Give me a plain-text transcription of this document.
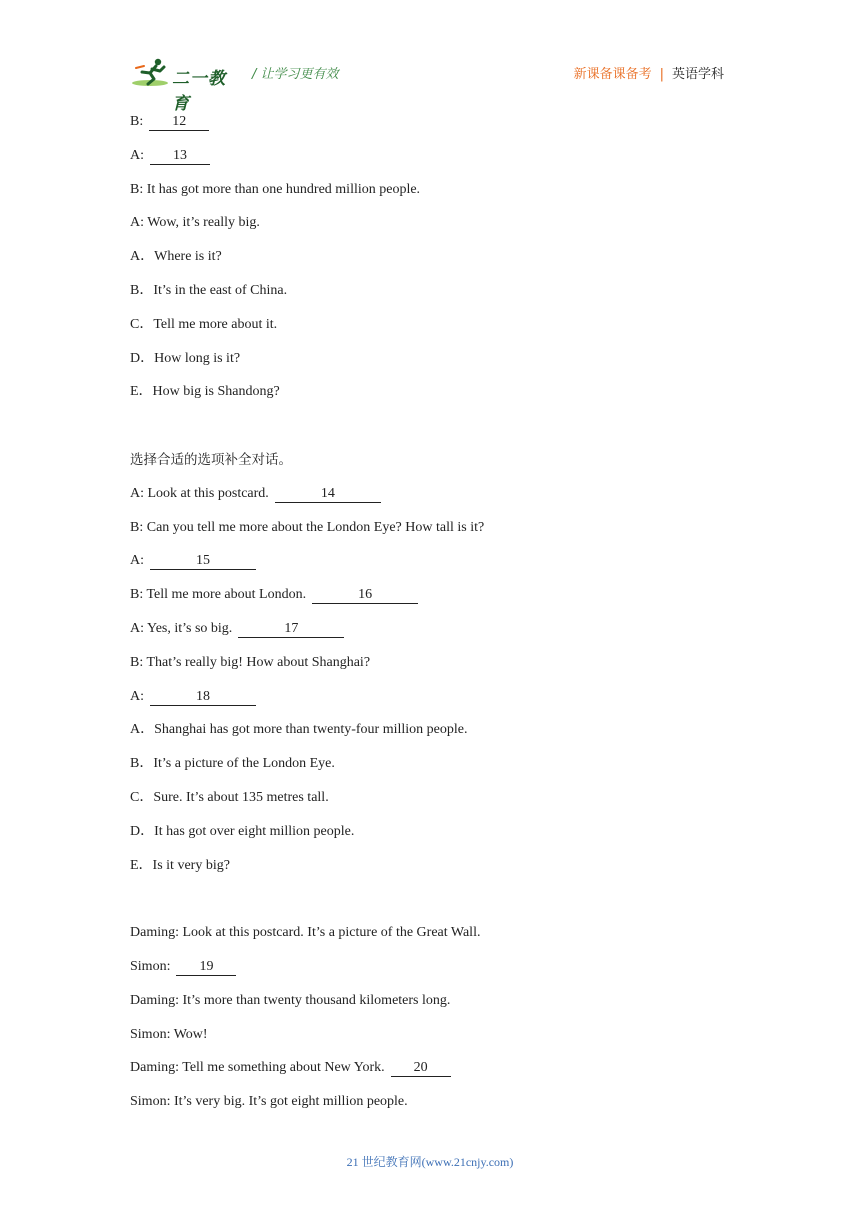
二一教育
/ 让学习更有效	新课备课备考 | 英语学科
B: 12
A: 13
B: It has got more than one hundred million people.
A: Wow, it’s really big.
A．Where is it?
B．It’s in the east of China.
C．Tell me more about it.
D．How long is it?
E．How big is Shandong?
选择合适的选项补全对话。
A: Look at this postcard.	14
B: Can you tell me more about the London Eye? How tall is it?
A:	15
B: Tell me more about London.	16
A: Yes, it’s so big.	17
B: That’s really big! How about Shanghai?
A:	18
A．Shanghai has got more than twenty-four million people.
B．It’s a picture of the London Eye.
C．Sure. It’s about 135 metres tall.
D．It has got over eight million people.
E．Is it very big?
Daming: Look at this postcard. It’s a picture of the Great Wall.
Simon: 19
Daming: It’s more than twenty thousand kilometers long.
Simon: Wow!
Daming: Tell me something about New York. 20
Simon: It’s very big. It’s got eight million people.
21 世纪教育网(www.21cnjy.com)
